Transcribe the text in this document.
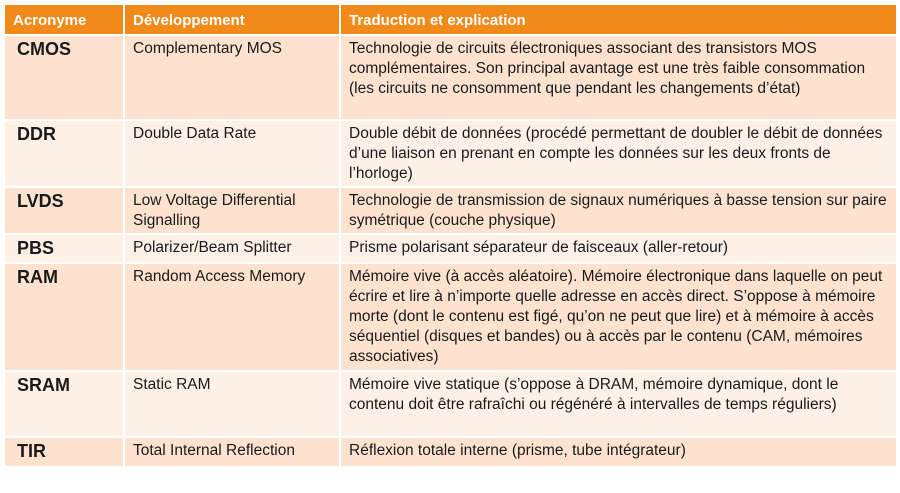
Acronyme	Développement	Traduction et explication
CMOS	Complementary MOS	Technologie de circuits électroniques associant des transistors MOS complémentaires. Son principal avantage est une très faible consommation (les circuits ne consomment que pendant les changements d’état)
DDR	Double Data Rate	Double débit de données (procédé permettant de doubler le débit de données d’une liaison en prenant en compte les données sur les deux fronts de l’horloge)
LVDS	Low Voltage Differential Signalling	Technologie de transmission de signaux numériques à basse tension sur paire symétrique (couche physique)
PBS	Polarizer/Beam Splitter	Prisme polarisant séparateur de faisceaux (aller-retour)
RAM	Random Access Memory	Mémoire vive (à accès aléatoire). Mémoire électronique dans laquelle on peut écrire et lire à n’importe quelle adresse en accès direct. S’oppose à mémoire morte (dont le contenu est figé, qu’on ne peut que lire) et à mémoire à accès séquentiel (disques et bandes) ou à accès par le contenu (CAM, mémoires associatives)
SRAM	Static RAM	Mémoire vive statique (s’oppose à DRAM, mémoire dynamique, dont le contenu doit être rafraîchi ou régénéré à intervalles de temps réguliers)
TIR	Total Internal Reflection	Réflexion totale interne (prisme, tube intégrateur)
